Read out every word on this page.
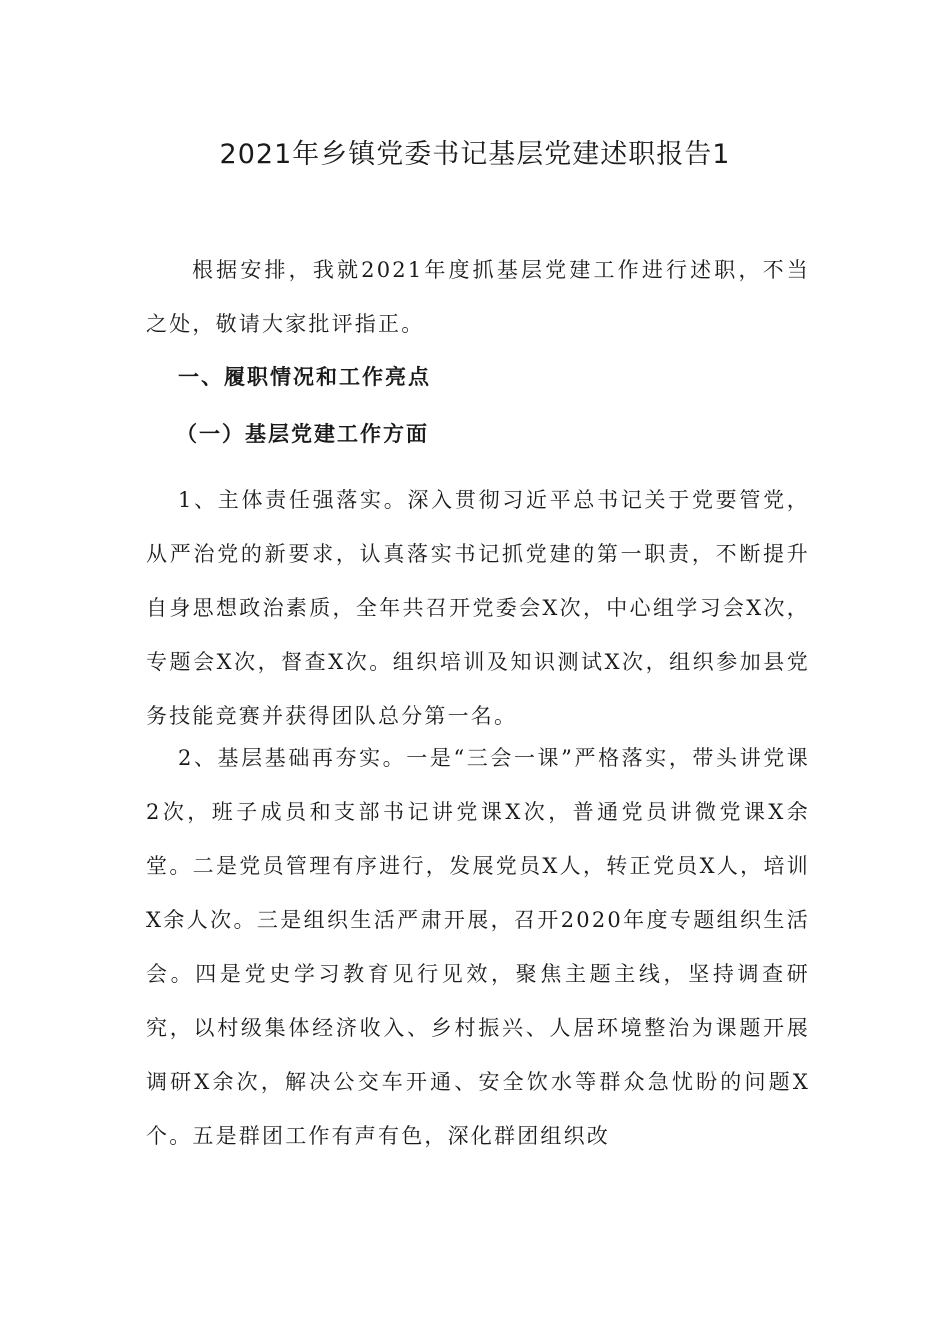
2021年乡镇党委书记基层党建述职报告1

根据安排，我就2021年度抓基层党建工作进行述职，不当之处，敬请大家批评指正。

一、履职情况和工作亮点
（一）基层党建工作方面

1、主体责任强落实。深入贯彻习近平总书记关于党要管党，从严治党的新要求，认真落实书记抓党建的第一职责，不断提升自身思想政治素质，全年共召开党委会X次，中心组学习会X次，专题会X次，督查X次。组织培训及知识测试X次，组织参加县党务技能竞赛并获得团队总分第一名。

2、基层基础再夯实。一是“三会一课”严格落实，带头讲党课2次，班子成员和支部书记讲党课X次，普通党员讲微党课X余堂。二是党员管理有序进行，发展党员X人，转正党员X人，培训X余人次。三是组织生活严肃开展，召开2020年度专题组织生活会。四是党史学习教育见行见效，聚焦主题主线，坚持调查研究，以村级集体经济收入、乡村振兴、人居环境整治为课题开展调研X余次，解决公交车开通、安全饮水等群众急忧盼的问题X个。五是群团工作有声有色，深化群团组织改
